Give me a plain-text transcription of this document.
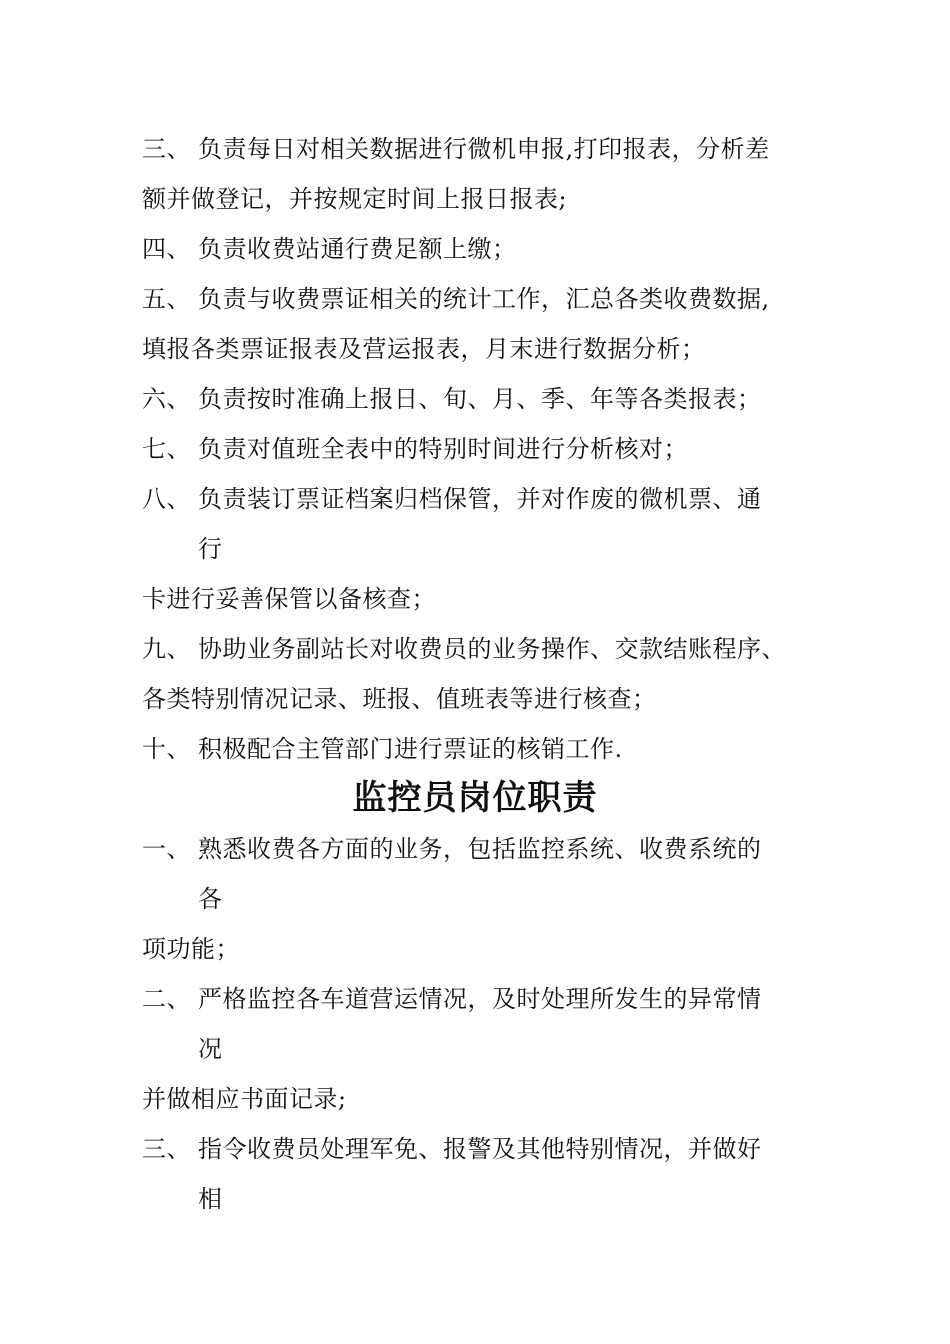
三、 负责每日对相关数据进行微机申报,打印报表，分析差
额并做登记，并按规定时间上报日报表;
四、 负责收费站通行费足额上缴；
五、 负责与收费票证相关的统计工作，汇总各类收费数据,
填报各类票证报表及营运报表，月末进行数据分析；
六、 负责按时准确上报日、旬、月、季、年等各类报表；
七、 负责对值班全表中的特别时间进行分析核对；
八、 负责装订票证档案归档保管，并对作废的微机票、通
行
卡进行妥善保管以备核查；
九、 协助业务副站长对收费员的业务操作、交款结账程序、
各类特别情况记录、班报、值班表等进行核查；
十、 积极配合主管部门进行票证的核销工作.
监控员岗位职责
一、 熟悉收费各方面的业务，包括监控系统、收费系统的
各
项功能；
二、 严格监控各车道营运情况，及时处理所发生的异常情
况
并做相应书面记录;
三、 指令收费员处理军免、报警及其他特别情况，并做好
相
